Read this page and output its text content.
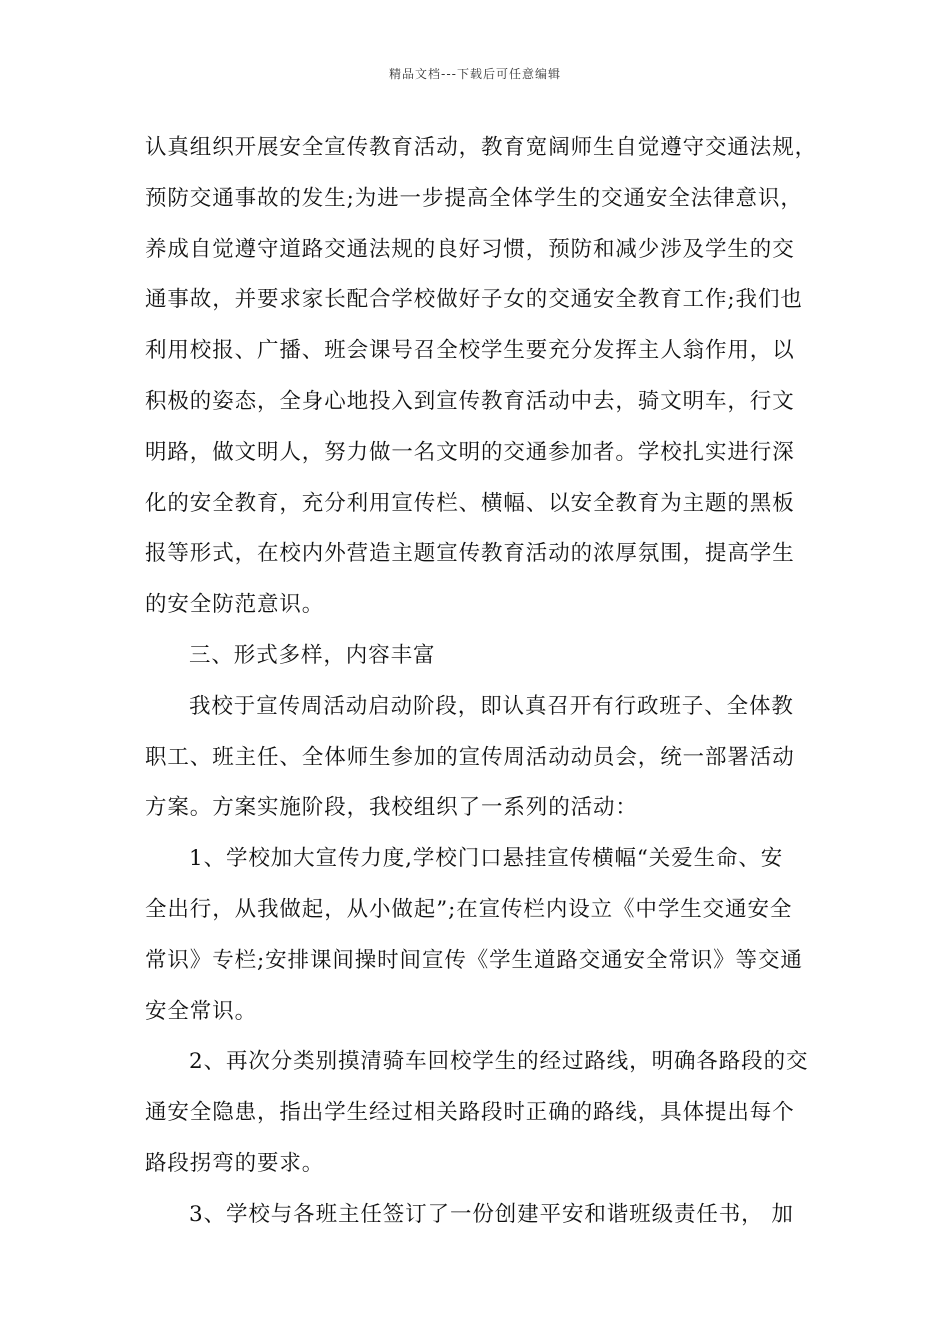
精品文档---下载后可任意编辑
认真组织开展安全宣传教育活动，教育宽阔师生自觉遵守交通法规，
预防交通事故的发生;为进一步提高全体学生的交通安全法律意识，
养成自觉遵守道路交通法规的良好习惯，预防和减少涉及学生的交
通事故，并要求家长配合学校做好子女的交通安全教育工作;我们也
利用校报、广播、班会课号召全校学生要充分发挥主人翁作用，以
积极的姿态，全身心地投入到宣传教育活动中去，骑文明车，行文
明路，做文明人，努力做一名文明的交通参加者。学校扎实进行深
化的安全教育，充分利用宣传栏、横幅、以安全教育为主题的黑板
报等形式，在校内外营造主题宣传教育活动的浓厚氛围，提高学生
的安全防范意识。
三、形式多样，内容丰富
我校于宣传周活动启动阶段，即认真召开有行政班子、全体教
职工、班主任、全体师生参加的宣传周活动动员会，统一部署活动
方案。方案实施阶段，我校组织了一系列的活动：
1、学校加大宣传力度,学校门口悬挂宣传横幅“关爱生命、安
全出行，从我做起，从小做起”;在宣传栏内设立《中学生交通安全
常识》专栏;安排课间操时间宣传《学生道路交通安全常识》等交通
安全常识。
2、再次分类别摸清骑车回校学生的经过路线，明确各路段的交
通安全隐患，指出学生经过相关路段时正确的路线，具体提出每个
路段拐弯的要求。
3、学校与各班主任签订了一份创建平安和谐班级责任书， 加
